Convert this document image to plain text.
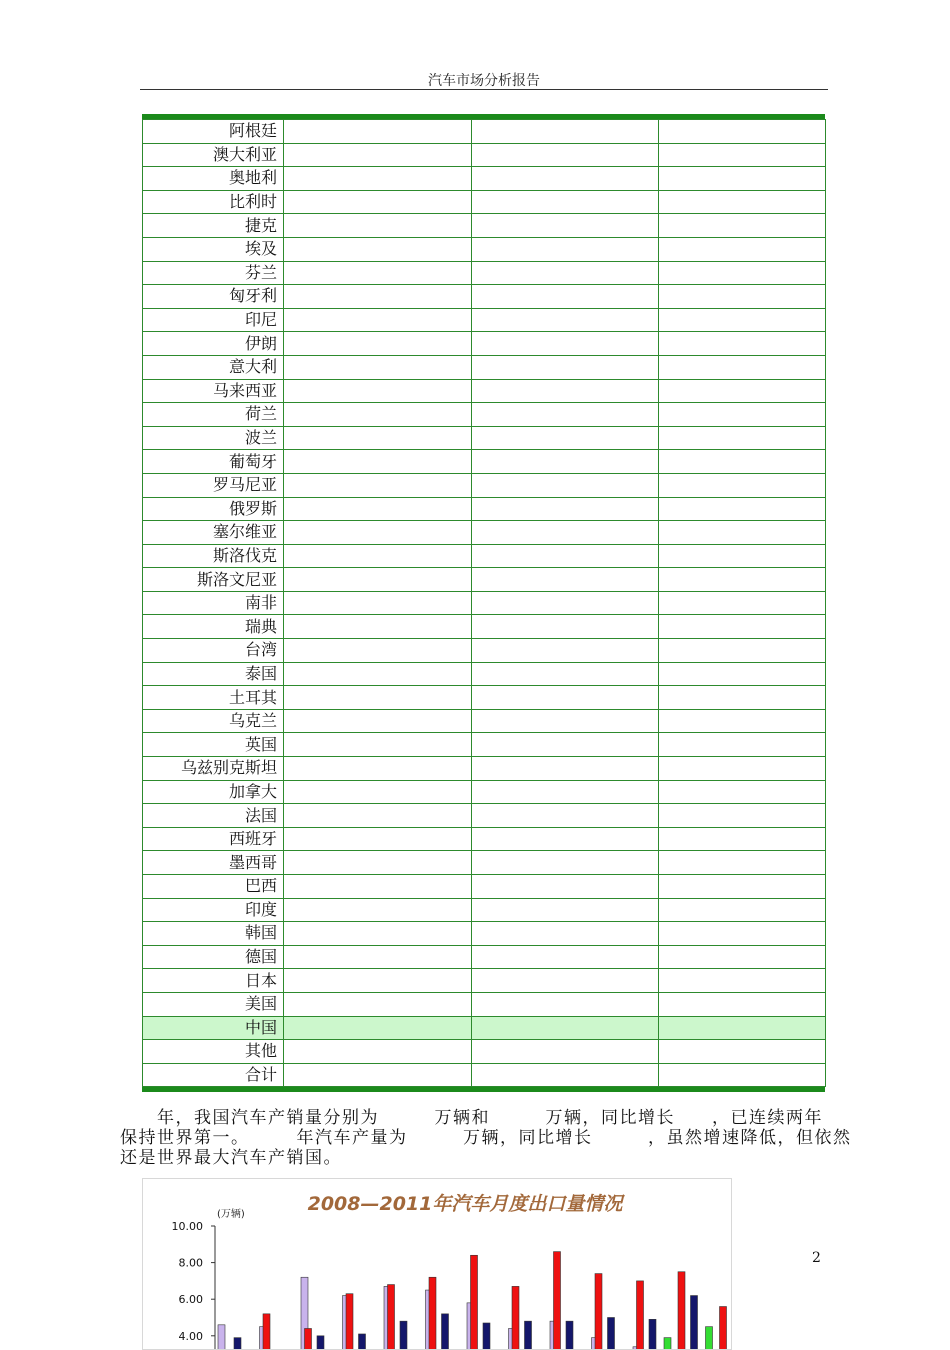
汽车市场分析报告
阿根廷			
澳大利亚			
奥地利			
比利时			
捷克			
埃及			
芬兰			
匈牙利			
印尼			
伊朗			
意大利			
马来西亚			
荷兰			
波兰			
葡萄牙			
罗马尼亚			
俄罗斯			
塞尔维亚			
斯洛伐克			
斯洛文尼亚			
南非			
瑞典			
台湾			
泰国			
土耳其			
乌克兰			
英国			
乌兹别克斯坦			
加拿大			
法国			
西班牙			
墨西哥			
巴西			
印度			
韩国			
德国			
日本			
美国			
中国			
其他			
合计			
　　年，我国汽车产销量分别为　　　万辆和　　　万辆，同比增长　　，已连续两年
保持世界第一。　　　年汽车产量为　　　万辆，同比增长　　　，虽然增速降低，但依然
还是世界最大汽车产销国。
2008—2011年汽车月度出口量情况
(万辆)
10.00
8.00
6.00
4.00
2
